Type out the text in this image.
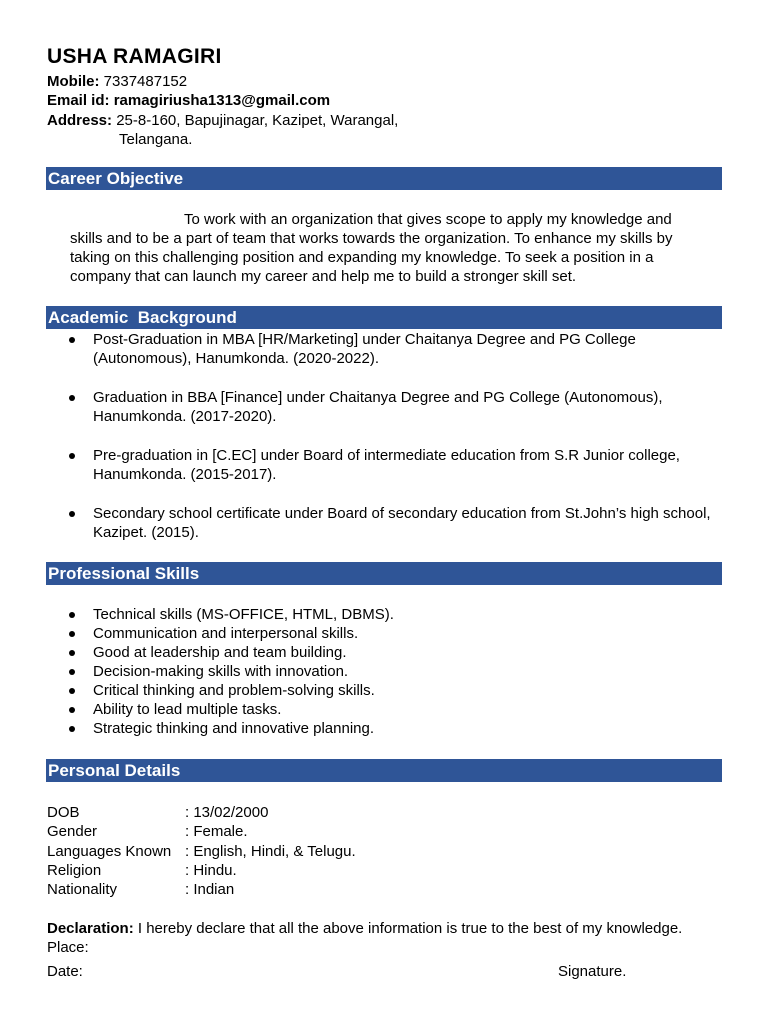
USHA RAMAGIRI
Mobile: 7337487152
Email id: ramagiriusha1313@gmail.com
Address: 25-8-160, Bapujinagar, Kazipet, Warangal,
Telangana.
Career Objective
To work with an organization that gives scope to apply my knowledge and
skills and to be a part of team that works towards the organization. To enhance my skills by
taking on this challenging position and expanding my knowledge. To seek a position in a
company that can launch my career and help me to build a stronger skill set.
Academic  Background
Post-Graduation in MBA [HR/Marketing] under Chaitanya Degree and PG College
(Autonomous), Hanumkonda. (2020-2022).
Graduation in BBA [Finance] under Chaitanya Degree and PG College (Autonomous),
Hanumkonda. (2017-2020).
Pre-graduation in [C.EC] under Board of intermediate education from S.R Junior college,
Hanumkonda. (2015-2017).
Secondary school certificate under Board of secondary education from St.John’s high school,
Kazipet. (2015).
Professional Skills
Technical skills (MS-OFFICE, HTML, DBMS).
Communication and interpersonal skills.
Good at leadership and team building.
Decision-making skills with innovation.
Critical thinking and problem-solving skills.
Ability to lead multiple tasks.
Strategic thinking and innovative planning.
Personal Details
DOB	: 13/02/2000
Gender	: Female.
Languages Known : English, Hindi, & Telugu.
Religion	: Hindu.
Nationality	: Indian
Declaration: I hereby declare that all the above information is true to the best of my knowledge.
Place:
Date:	Signature.
